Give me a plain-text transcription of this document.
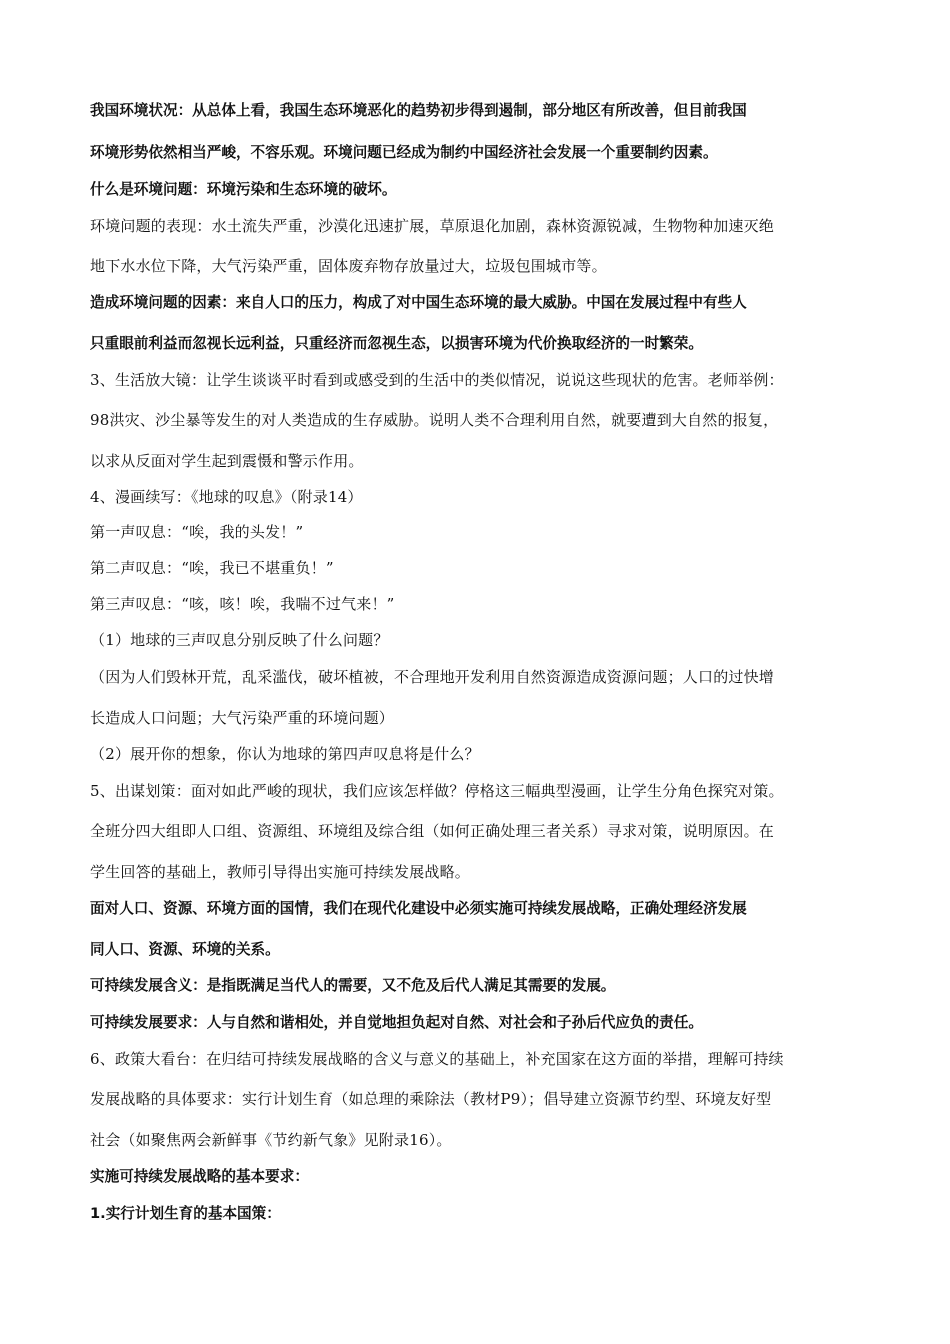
我国环境状况：从总体上看，我国生态环境恶化的趋势初步得到遏制，部分地区有所改善，但目前我国
环境形势依然相当严峻，不容乐观。环境问题已经成为制约中国经济社会发展一个重要制约因素。
什么是环境问题：环境污染和生态环境的破坏。
环境问题的表现：水土流失严重，沙漠化迅速扩展，草原退化加剧，森林资源锐减，生物物种加速灭绝
地下水水位下降，大气污染严重，固体废弃物存放量过大，垃圾包围城市等。
造成环境问题的因素：来自人口的压力，构成了对中国生态环境的最大威胁。中国在发展过程中有些人
只重眼前利益而忽视长远利益，只重经济而忽视生态，以损害环境为代价换取经济的一时繁荣。
3、生活放大镜：让学生谈谈平时看到或感受到的生活中的类似情况，说说这些现状的危害。老师举例：
98洪灾、沙尘暴等发生的对人类造成的生存威胁。说明人类不合理利用自然，就要遭到大自然的报复，
以求从反面对学生起到震慑和警示作用。
4、漫画续写：《地球的叹息》（附录14）
第一声叹息：“唉，我的头发！”
第二声叹息：“唉，我已不堪重负！”
第三声叹息：“咳，咳！唉，我喘不过气来！”
（1）地球的三声叹息分别反映了什么问题？
（因为人们毁林开荒，乱采滥伐，破坏植被，不合理地开发利用自然资源造成资源问题；人口的过快增
长造成人口问题；大气污染严重的环境问题）
（2）展开你的想象，你认为地球的第四声叹息将是什么？
5、出谋划策：面对如此严峻的现状，我们应该怎样做？停格这三幅典型漫画，让学生分角色探究对策。
全班分四大组即人口组、资源组、环境组及综合组（如何正确处理三者关系）寻求对策，说明原因。在
学生回答的基础上，教师引导得出实施可持续发展战略。
面对人口、资源、环境方面的国情，我们在现代化建设中必须实施可持续发展战略，正确处理经济发展
同人口、资源、环境的关系。
可持续发展含义：是指既满足当代人的需要，又不危及后代人满足其需要的发展。
可持续发展要求：人与自然和谐相处，并自觉地担负起对自然、对社会和子孙后代应负的责任。
6、政策大看台：在归结可持续发展战略的含义与意义的基础上，补充国家在这方面的举措，理解可持续
发展战略的具体要求：实行计划生育（如总理的乘除法（教材P9）；倡导建立资源节约型、环境友好型
社会（如聚焦两会新鲜事《节约新气象》见附录16）。
实施可持续发展战略的基本要求：
1.实行计划生育的基本国策：
